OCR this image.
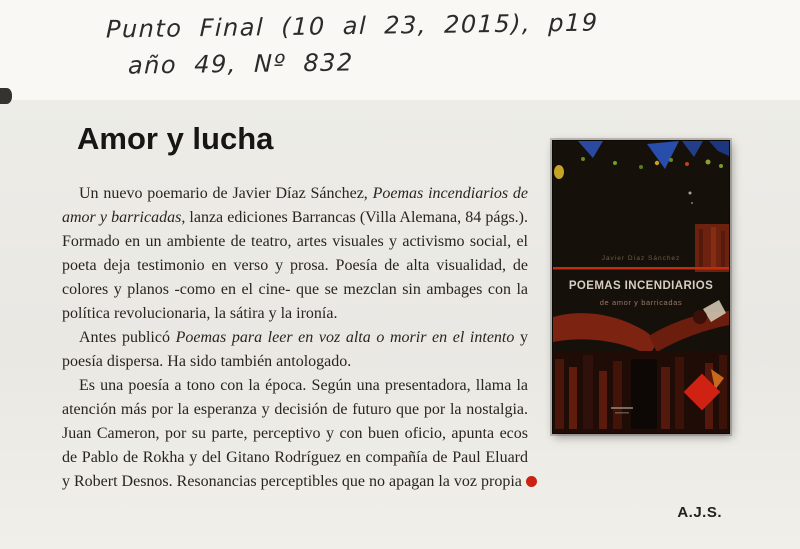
Punto Final (10 al 23, 2015), p19
año 49, Nº 832
Javier Díaz Sánchez
POEMAS INCENDIARIOS
de amor y barricadas
Amor y lucha

Un nuevo poemario de Javier Díaz Sánchez, Poemas incendiarios de amor y barricadas, lanza ediciones Barrancas (Villa Alemana, 84 págs.). Formado en un ambiente de teatro, artes visuales y activismo social, el poeta deja testimonio en verso y prosa. Poesía de alta visualidad, de colores y planos -como en el cine- que se mezclan sin ambages con la política revolucionaria, la sátira y la ironía.

Antes publicó Poemas para leer en voz alta o morir en el intento y poesía dispersa. Ha sido también antologado.

Es una poesía a tono con la época. Según una presentadora, llama la atención más por la esperanza y decisión de futuro que por la nostalgia. Juan Cameron, por su parte, perceptivo y con buen oficio, apunta ecos de Pablo de Rokha y del Gitano Rodríguez en compañía de Paul Eluard y Robert Desnos. Resonancias perceptibles que no apagan la voz propia

A.J.S.
